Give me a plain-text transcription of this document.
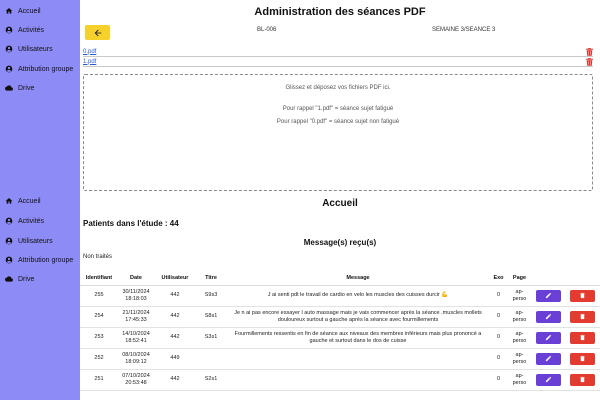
Accueil
Activités
Utilisateurs
Attribution groupe
Drive
Accueil
Activités
Utilisateurs
Attribution groupe
Drive
Administration des séances PDF
BL-006	SEMAINE 3/SEANCE 3
0.pdf
1.pdf

Glissez et déposez vos fichiers PDF ici.

Pour rappel "1.pdf" = séance sujet fatigué

Pour rappel "0.pdf" = séance sujet non fatigué

Accueil
Patients dans l'étude : 44
Message(s) reçu(s)
Non traités
Identifiant	Date	Utilisateur	Titre	Message	Exo	Page		
255	30/11/2024
18:18:03	442	S9s3	J ai senti pdt le travail de cardio en velo les muscles des cuisses durcir 💪	0	ap-
perso	

254	21/11/2024
17:45:33	442	S8s1	Je n ai pas encore essayer l auto massage mais je vais commencer après la séance .muscles mollets douloureux surtout a gauche après la séance avec fourmillements	0	ap-
perso	

253	14/10/2024
18:52:41	442	S3s1	Fourmillements ressentis en fin de séance aux niveaux des membres inférieurs mais plus prononcé a gauche et surtout dans le dos de cuisse	0	ap-
perso	

252	08/10/2024
18:09:12	449			0	ap-
perso	

251	07/10/2024
20:53:48	442	S2s1		0	ap-
perso	
